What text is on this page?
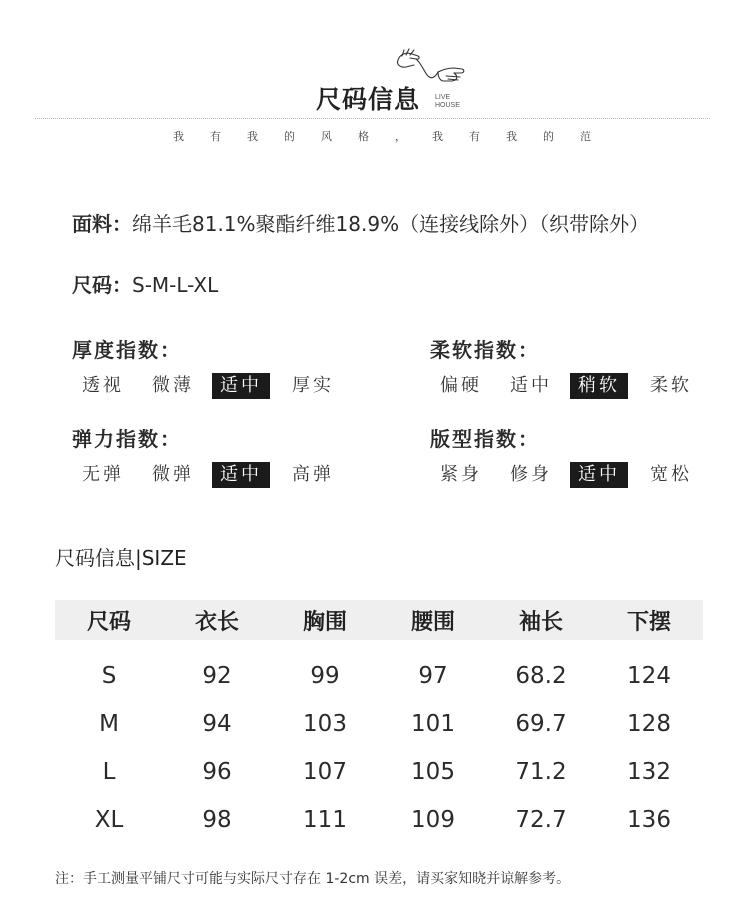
尺码信息 LIVE
HOUSE
我有我的风格，我有我的范
面料：绵羊毛81.1%聚酯纤维18.9%（连接线除外）（织带除外）
尺码：S-M-L-XL
厚度指数：
透视	微薄	适中	厚实
柔软指数：
偏硬	适中	稍软	柔软
弹力指数：
无弹	微弹	适中	高弹
版型指数：
紧身	修身	适中	宽松
尺码信息|SIZE
尺码	衣长	胸围	腰围	袖长	下摆
S	92	99	97	68.2	124
M	94	103	101	69.7	128
L	96	107	105	71.2	132
XL	98	111	109	72.7	136
注：手工测量平铺尺寸可能与实际尺寸存在 1-2cm 误差，请买家知晓并谅解参考。
